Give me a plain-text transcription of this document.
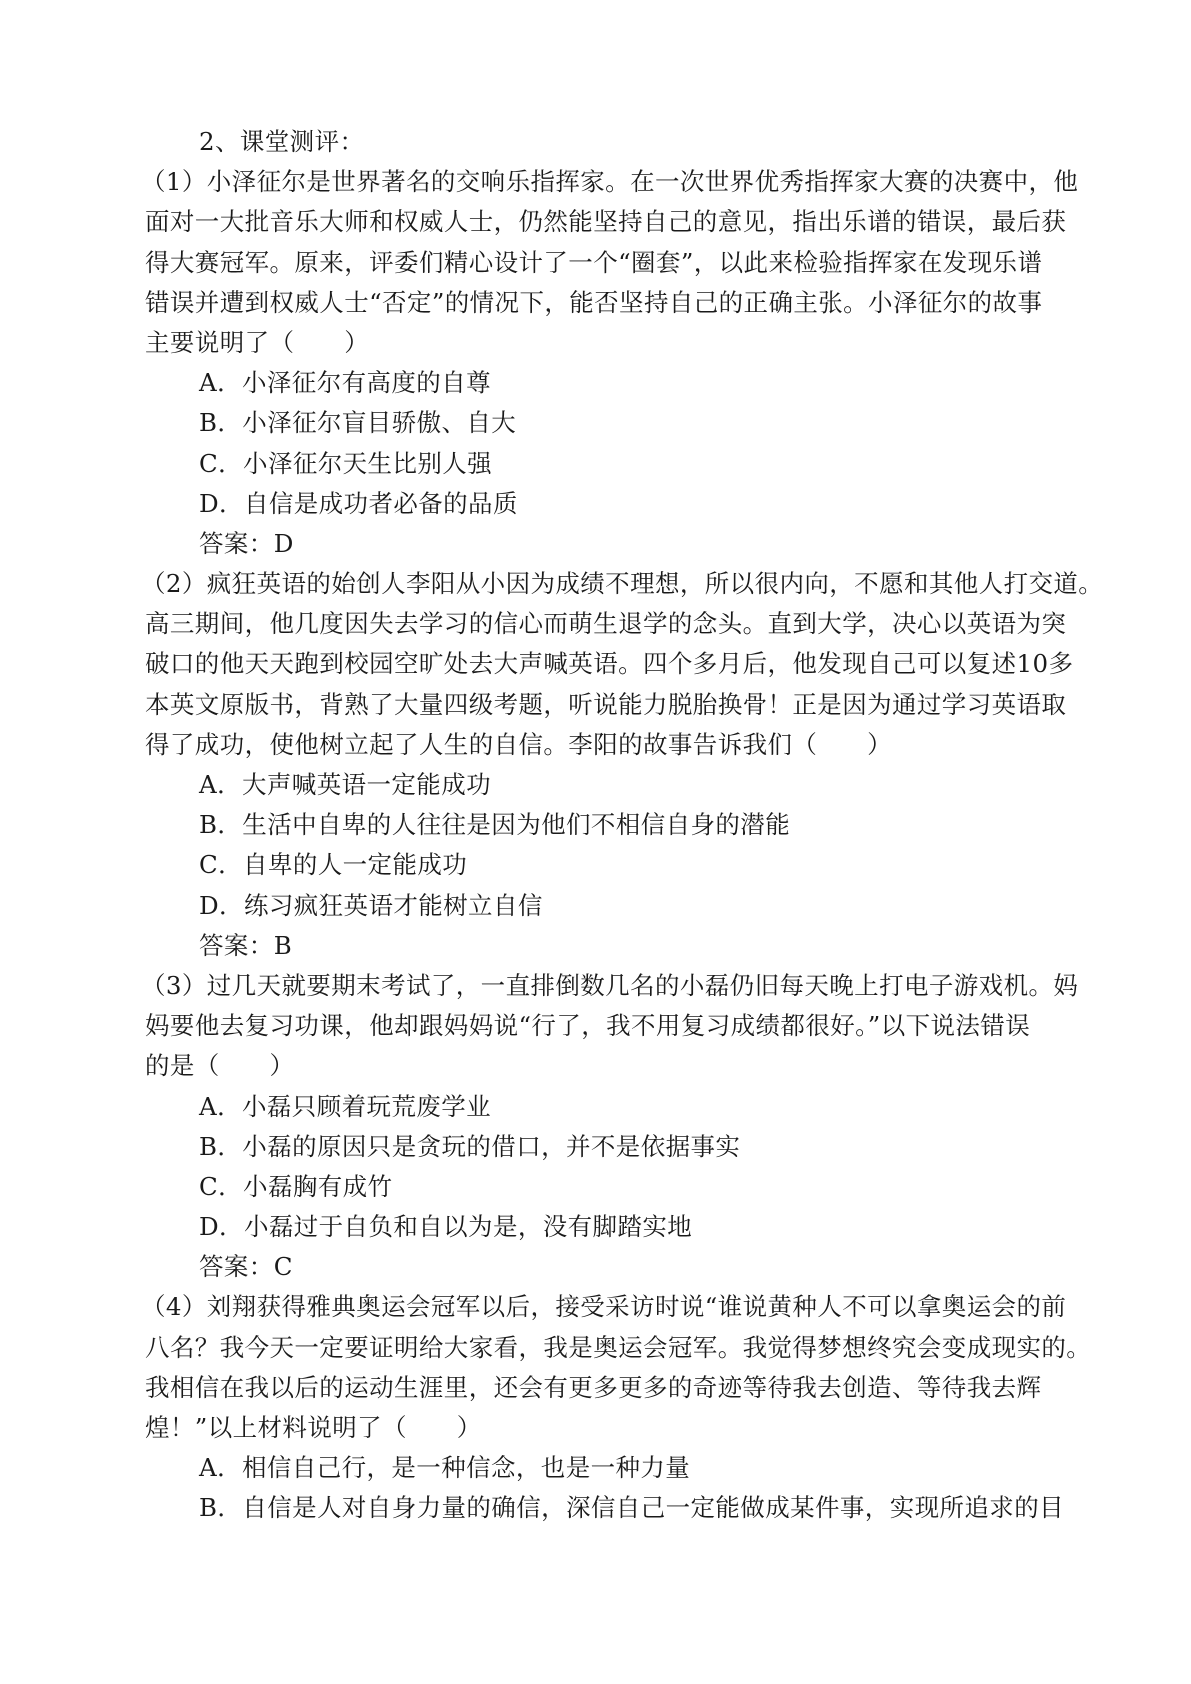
2、课堂测评：
（1）小泽征尔是世界著名的交响乐指挥家。在一次世界优秀指挥家大赛的决赛中，他
面对一大批音乐大师和权威人士，仍然能坚持自己的意见，指出乐谱的错误，最后获
得大赛冠军。原来，评委们精心设计了一个“圈套”，以此来检验指挥家在发现乐谱
错误并遭到权威人士“否定”的情况下，能否坚持自己的正确主张。小泽征尔的故事
主要说明了（　　）
A．小泽征尔有高度的自尊
B．小泽征尔盲目骄傲、自大
C．小泽征尔天生比别人强
D．自信是成功者必备的品质
答案：D
（2）疯狂英语的始创人李阳从小因为成绩不理想，所以很内向，不愿和其他人打交道。
高三期间，他几度因失去学习的信心而萌生退学的念头。直到大学，决心以英语为突
破口的他天天跑到校园空旷处去大声喊英语。四个多月后，他发现自己可以复述10多
本英文原版书，背熟了大量四级考题，听说能力脱胎换骨！正是因为通过学习英语取
得了成功，使他树立起了人生的自信。李阳的故事告诉我们（　　）
A．大声喊英语一定能成功
B．生活中自卑的人往往是因为他们不相信自身的潜能
C．自卑的人一定能成功
D．练习疯狂英语才能树立自信
答案：B
（3）过几天就要期末考试了，一直排倒数几名的小磊仍旧每天晚上打电子游戏机。妈
妈要他去复习功课，他却跟妈妈说“行了，我不用复习成绩都很好。”以下说法错误
的是（　　）
A．小磊只顾着玩荒废学业
B．小磊的原因只是贪玩的借口，并不是依据事实
C．小磊胸有成竹
D．小磊过于自负和自以为是，没有脚踏实地
答案：C
（4）刘翔获得雅典奥运会冠军以后，接受采访时说“谁说黄种人不可以拿奥运会的前
八名？我今天一定要证明给大家看，我是奥运会冠军。我觉得梦想终究会变成现实的。
我相信在我以后的运动生涯里，还会有更多更多的奇迹等待我去创造、等待我去辉
煌！”以上材料说明了（　　）
A．相信自己行，是一种信念，也是一种力量
B．自信是人对自身力量的确信，深信自己一定能做成某件事，实现所追求的目
